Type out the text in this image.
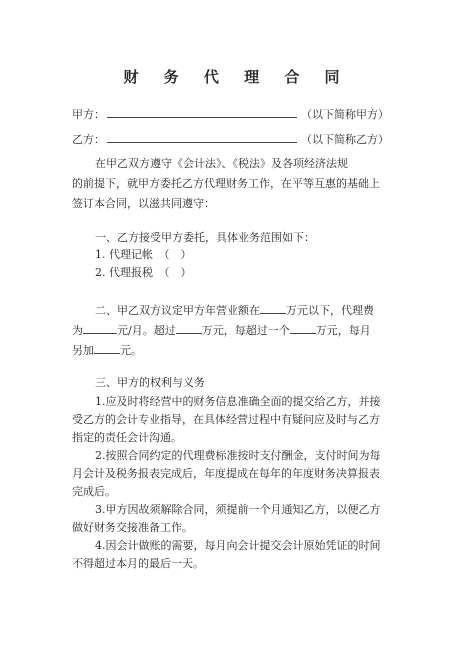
财 务 代 理 合 同
甲方：	（以下简称甲方）
乙方：	（以下简称乙方）
在甲乙双方遵守《会计法》、《税法》及各项经济法规
的前提下，就甲方委托乙方代理财务工作，在平等互惠的基础上
签订本合同，以滋共同遵守：
一、乙方接受甲方委托，具体业务范围如下：
1. 代理记帐　（　）
2. 代理报税　（　）
二、甲乙双方议定甲方年营业额在 万元以下，代理费
为	元/月。超过 万元，每超过一个 万元，每月
另加 元。
三、甲方的权利与义务
1.应及时将经营中的财务信息准确全面的提交给乙方，并接
受乙方的会计专业指导，在具体经营过程中有疑问应及时与乙方
指定的责任会计沟通。
2.按照合同约定的代理费标准按时支付酬金，支付时间为每
月会计及税务报表完成后，年度提成在每年的年度财务决算报表
完成后。
3.甲方因故须解除合同，须提前一个月通知乙方，以便乙方
做好财务交接准备工作。
4.因会计做账的需要，每月向会计提交会计原始凭证的时间
不得超过本月的最后一天。
